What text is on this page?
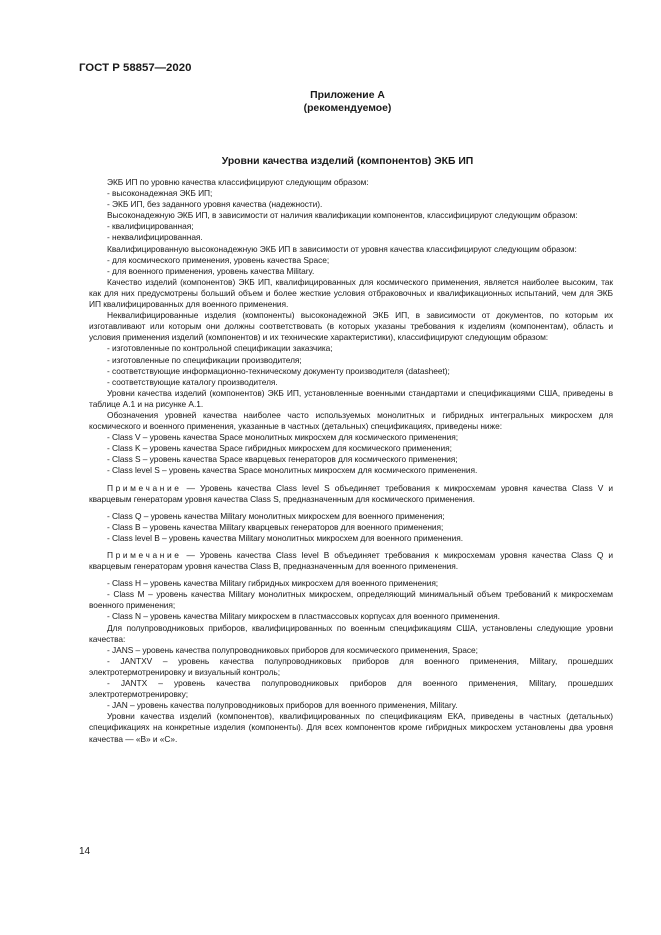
ГОСТ Р 58857—2020
Приложение А
(рекомендуемое)
Уровни качества изделий (компонентов) ЭКБ ИП

ЭКБ ИП по уровню качества классифицируют следующим образом:

- высоконадежная ЭКБ ИП;

- ЭКБ ИП, без заданного уровня качества (надежности).

Высоконадежную ЭКБ ИП, в зависимости от наличия квалификации компонентов, классифицируют следующим образом:

- квалифицированная;

- неквалифицированная.

Квалифицированную высоконадежную ЭКБ ИП в зависимости от уровня качества классифицируют следующим образом:

- для космического применения, уровень качества Space;

- для военного применения, уровень качества Military.

Качество изделий (компонентов) ЭКБ ИП, квалифицированных для космического применения, является наиболее высоким, так как для них предусмотрены больший объем и более жесткие условия отбраковочных и квалификационных испытаний, чем для ЭКБ ИП квалифицированных для военного применения.

Неквалифицированные изделия (компоненты) высоконадежной ЭКБ ИП, в зависимости от документов, по которым их изготавливают или которым они должны соответствовать (в которых указаны требования к изделиям (компонентам), область и условия применения изделий (компонентов) и их технические характеристики), классифицируют следующим образом:

- изготовленные по контрольной спецификации заказчика;

- изготовленные по спецификации производителя;

- соответствующие информационно-техническому документу производителя (datasheet);

- соответствующие каталогу производителя.

Уровни качества изделий (компонентов) ЭКБ ИП, установленные военными стандартами и спецификациями США, приведены в таблице А.1 и на рисунке А.1.

Обозначения уровней качества наиболее часто используемых монолитных и гибридных интегральных микросхем для космического и военного применения, указанные в частных (детальных) спецификациях, приведены ниже:

- Class V – уровень качества Space монолитных микросхем для космического применения;

- Class K – уровень качества Space гибридных микросхем для космического применения;

- Class S – уровень качества Space кварцевых генераторов для космического применения;

- Class level S – уровень качества Space монолитных микросхем для космического применения.

Примечание — Уровень качества Class level S объединяет требования к микросхемам уровня качества Class V и кварцевым генераторам уровня качества Class S, предназначенным для космического применения.

- Class Q – уровень качества Military монолитных микросхем для военного применения;

- Class B – уровень качества Military кварцевых генераторов для военного применения;

- Class level B – уровень качества Military монолитных микросхем для военного применения.

Примечание — Уровень качества Class level B объединяет требования к микросхемам уровня качества Class Q и кварцевым генераторам уровня качества Class B, предназначенным для военного применения.

- Class H – уровень качества Military гибридных микросхем для военного применения;

- Class M – уровень качества Military монолитных микросхем, определяющий минимальный объем требований к микросхемам военного применения;

- Class N – уровень качества Military микросхем в пластмассовых корпусах для военного применения.

Для полупроводниковых приборов, квалифицированных по военным спецификациям США, установлены следующие уровни качества:

- JANS – уровень качества полупроводниковых приборов для космического применения, Space;

- JANTXV – уровень качества полупроводниковых приборов для военного применения, Military, прошедших электротермотренировку и визуальный контроль;

- JANTX – уровень качества полупроводниковых приборов для военного применения, Military, прошедших электротермотренировку;

- JAN – уровень качества полупроводниковых приборов для военного применения, Military.

Уровни качества изделий (компонентов), квалифицированных по спецификациям ЕКА, приведены в частных (детальных) спецификациях на конкретные изделия (компоненты). Для всех компонентов кроме гибридных микросхем установлены два уровня качества — «В» и «С».

14
